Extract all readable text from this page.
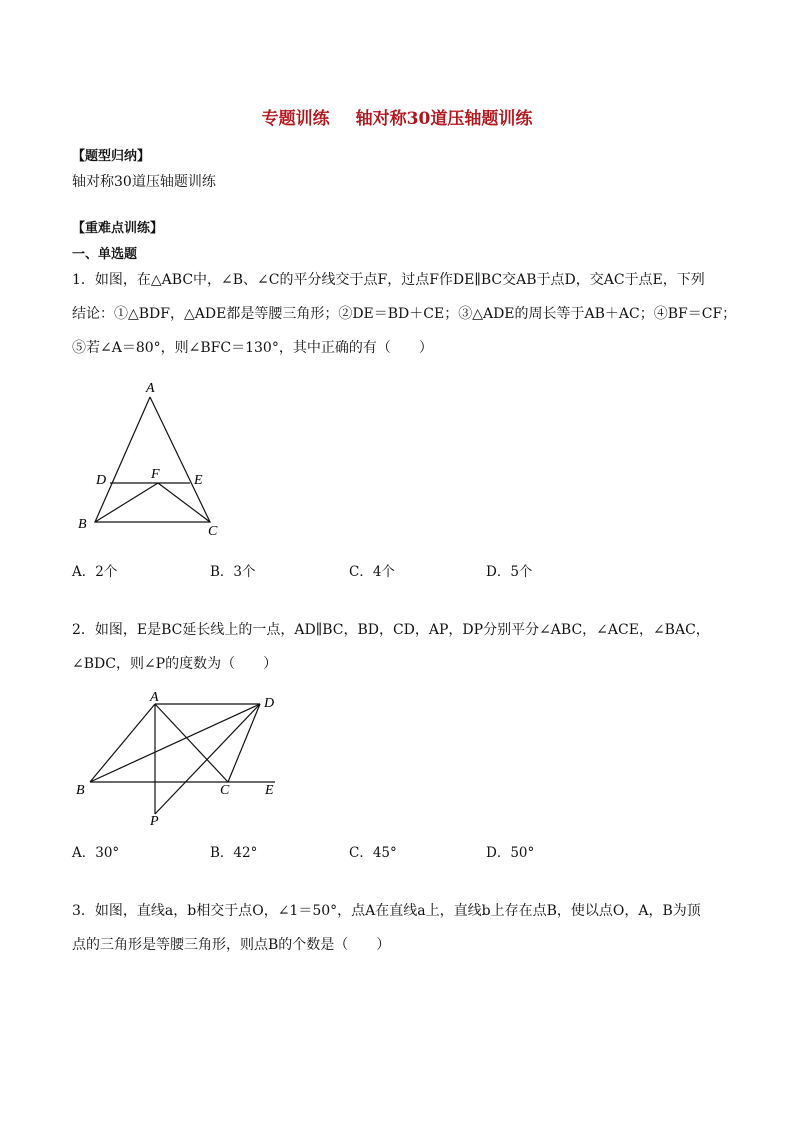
专题训练 轴对称30道压轴题训练
【题型归纳】
轴对称30道压轴题训练
【重难点训练】
一、单选题
1．如图，在△ABC中，∠B、∠C的平分线交于点F，过点F作DE∥BC交AB于点D，交AC于点E，下列
结论：①△BDF，△ADE都是等腰三角形；②DE＝BD＋CE；③△ADE的周长等于AB＋AC；④BF＝CF；
⑤若∠A＝80°，则∠BFC＝130°，其中正确的有（　　）
A
D	F E
B	C
A．2个	B．3个	C．4个	D．5个
2．如图，E是BC延长线上的一点，AD∥BC，BD，CD，AP，DP分别平分∠ABC，∠ACE，∠BAC，
∠BDC，则∠P的度数为（　　）
A	D
B	C	E
P
A．30°	B．42°	C．45°	D．50°
3．如图，直线a，b相交于点O，∠1＝50°，点A在直线a上，直线b上存在点B，使以点O，A，B为顶
点的三角形是等腰三角形，则点B的个数是（　　）
